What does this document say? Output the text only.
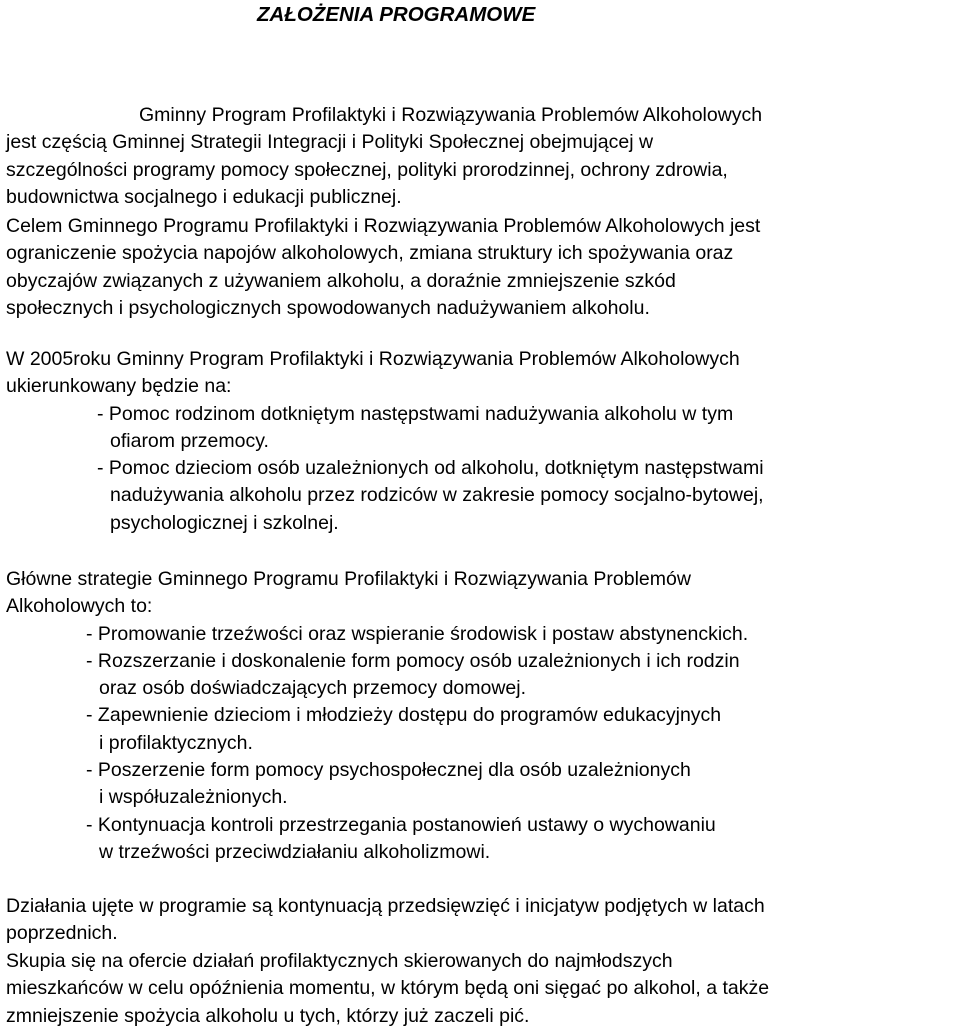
ZAŁOŻENIA PROGRAMOWE
Gminny Program Profilaktyki i Rozwiązywania Problemów Alkoholowych
jest częścią Gminnej Strategii Integracji i Polityki Społecznej obejmującej w
szczególności programy pomocy społecznej, polityki prorodzinnej, ochrony zdrowia,
budownictwa socjalnego i edukacji publicznej.
Celem Gminnego Programu Profilaktyki i Rozwiązywania Problemów Alkoholowych jest
ograniczenie spożycia napojów alkoholowych, zmiana struktury ich spożywania oraz
obyczajów związanych z używaniem alkoholu, a doraźnie zmniejszenie szkód
społecznych i psychologicznych spowodowanych nadużywaniem alkoholu.
W 2005roku Gminny Program Profilaktyki i Rozwiązywania Problemów Alkoholowych
ukierunkowany będzie na:
- Pomoc rodzinom dotkniętym następstwami nadużywania alkoholu w tym
ofiarom przemocy.
- Pomoc dzieciom osób uzależnionych od alkoholu, dotkniętym następstwami
nadużywania alkoholu przez rodziców w zakresie pomocy socjalno-bytowej,
psychologicznej i szkolnej.
Główne strategie Gminnego Programu Profilaktyki i Rozwiązywania Problemów
Alkoholowych to:
- Promowanie trzeźwości oraz wspieranie środowisk i postaw abstynenckich.
- Rozszerzanie i doskonalenie form pomocy osób uzależnionych i ich rodzin
oraz osób doświadczających przemocy domowej.
- Zapewnienie dzieciom i młodzieży dostępu do programów edukacyjnych
i profilaktycznych.
- Poszerzenie form pomocy psychospołecznej dla osób uzależnionych
i współuzależnionych.
- Kontynuacja kontroli przestrzegania postanowień ustawy o wychowaniu
w trzeźwości przeciwdziałaniu alkoholizmowi.
Działania ujęte w programie są kontynuacją przedsięwzięć i inicjatyw podjętych w latach
poprzednich.
Skupia się na ofercie działań profilaktycznych skierowanych do najmłodszych
mieszkańców w celu opóźnienia momentu, w którym będą oni sięgać po alkohol, a także
zmniejszenie spożycia alkoholu u tych, którzy już zaczeli pić.
